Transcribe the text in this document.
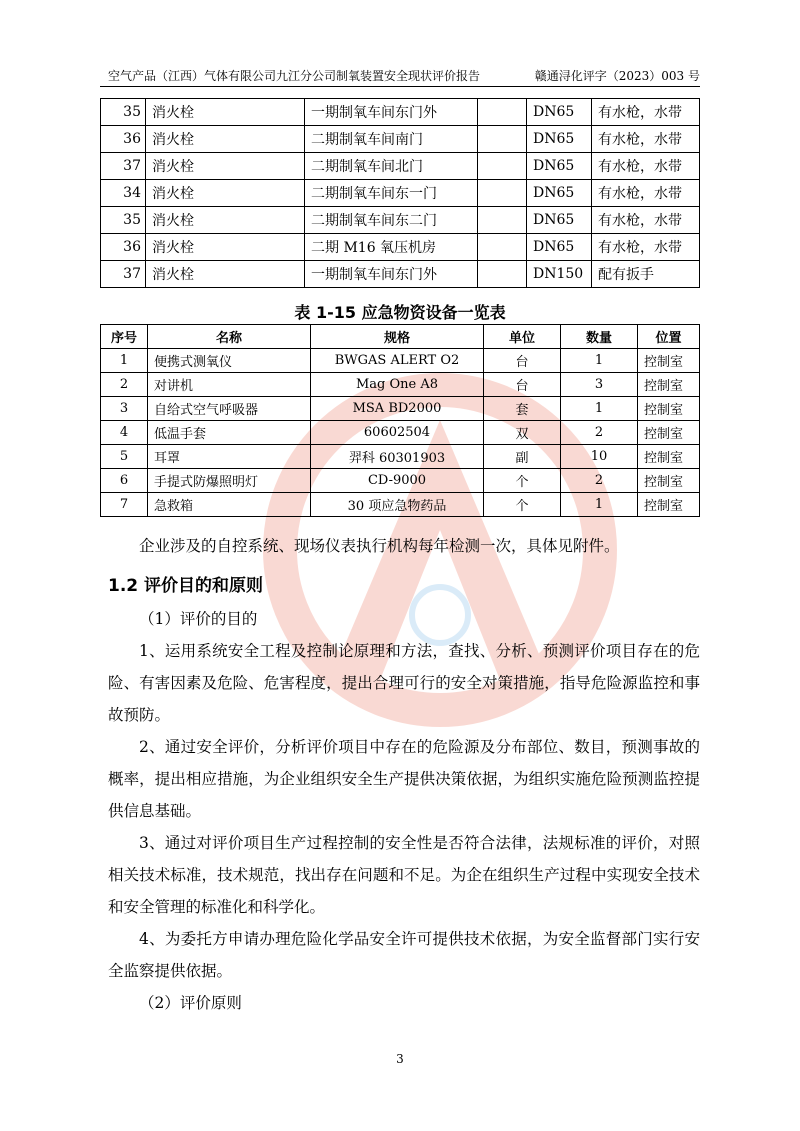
空气产品（江西）气体有限公司九江分公司制氧装置安全现状评价报告	赣通浔化评字（2023）003 号
35	消火栓	一期制氧车间东门外		DN65	有水枪，水带
36	消火栓	二期制氧车间南门		DN65	有水枪，水带
37	消火栓	二期制氧车间北门		DN65	有水枪，水带
34	消火栓	二期制氧车间东一门		DN65	有水枪，水带
35	消火栓	二期制氧车间东二门		DN65	有水枪，水带
36	消火栓	二期 M16 氧压机房		DN65	有水枪，水带
37	消火栓	一期制氧车间东门外		DN150	配有扳手
表 1-15 应急物资设备一览表
序号	名称	规格	单位	数量	位置
1	便携式测氧仪	BWGAS ALERT O2	台	1	控制室
2	对讲机	Mag One A8	台	3	控制室
3	自给式空气呼吸器	MSA BD2000	套	1	控制室
4	低温手套	60602504	双	2	控制室
5	耳罩	羿科 60301903	副	10	控制室
6	手提式防爆照明灯	CD-9000	个	2	控制室
7	急救箱	30 项应急物药品	个	1	控制室

企业涉及的自控系统、现场仪表执行机构每年检测一次，具体见附件。

1.2 评价目的和原则

（1）评价的目的

1、运用系统安全工程及控制论原理和方法，查找、分析、预测评价项目存在的危险、有害因素及危险、危害程度，提出合理可行的安全对策措施，指导危险源监控和事故预防。

2、通过安全评价，分析评价项目中存在的危险源及分布部位、数目，预测事故的概率，提出相应措施，为企业组织安全生产提供决策依据，为组织实施危险预测监控提供信息基础。

3、通过对评价项目生产过程控制的安全性是否符合法律，法规标准的评价，对照相关技术标准，技术规范，找出存在问题和不足。为企在组织生产过程中实现安全技术和安全管理的标准化和科学化。

4、为委托方申请办理危险化学品安全许可提供技术依据，为安全监督部门实行安全监察提供依据。

（2）评价原则

3
